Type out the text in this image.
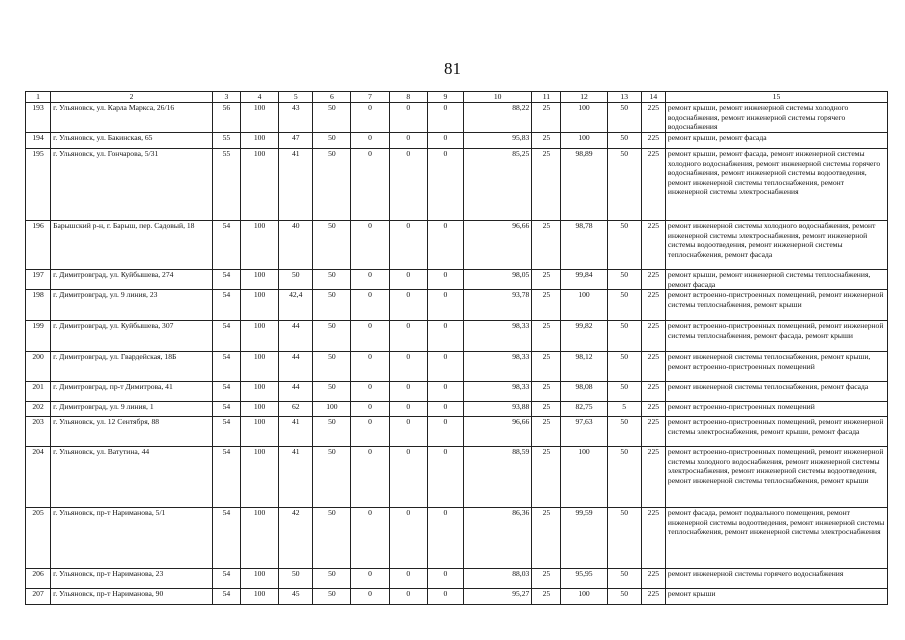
81
1	2	3	4	5	6	7	8	9	10	11	12	13	14	15
193	г. Ульяновск, ул. Карла Маркса, 26/16	56	100	43	50	0	0	0	88,22	25	100	50	225	ремонт крыши, ремонт инженерной системы холодного водоснабжения, ремонт инженерной системы горячего водоснабжения
194	г. Ульяновск, ул. Бакинская, 65	55	100	47	50	0	0	0	95,83	25	100	50	225	ремонт крыши, ремонт фасада
195	г. Ульяновск, ул. Гончарова, 5/31	55	100	41	50	0	0	0	85,25	25	98,89	50	225	ремонт крыши, ремонт фасада, ремонт инженерной системы холодного водоснабжения, ремонт инженерной системы горячего водоснабжения, ремонт инженерной системы водоотведения, ремонт инженерной системы теплоснабжения, ремонт инженерной системы электроснабжения
196	Барышский р-н, г. Барыш, пер. Садовый, 18	54	100	40	50	0	0	0	96,66	25	98,78	50	225	ремонт инженерной системы холодного водоснабжения, ремонт инженерной системы электроснабжения, ремонт инженерной системы водоотведения, ремонт инженерной системы теплоснабжения, ремонт фасада
197	г. Димитровград, ул. Куйбышева, 274	54	100	50	50	0	0	0	98,05	25	99,84	50	225	ремонт крыши, ремонт инженерной системы теплоснабжения, ремонт фасада
198	г. Димитровград, ул. 9 линия, 23	54	100	42,4	50	0	0	0	93,78	25	100	50	225	ремонт встроенно-пристроенных помещений, ремонт инженерной системы теплоснабжения, ремонт крыши
199	г. Димитровград, ул. Куйбышева, 307	54	100	44	50	0	0	0	98,33	25	99,82	50	225	ремонт встроенно-пристроенных помещений, ремонт инженерной системы теплоснабжения, ремонт фасада, ремонт крыши
200	г. Димитровград, ул. Гвардейская, 18Б	54	100	44	50	0	0	0	98,33	25	98,12	50	225	ремонт инженерной системы теплоснабжения, ремонт крыши, ремонт встроенно-пристроенных помещений
201	г. Димитровград, пр-т Димитрова, 41	54	100	44	50	0	0	0	98,33	25	98,08	50	225	ремонт инженерной системы теплоснабжения, ремонт фасада
202	г. Димитровград, ул. 9 линия, 1	54	100	62	100	0	0	0	93,88	25	82,75	5	225	ремонт встроенно-пристроенных помещений
203	г. Ульяновск, ул. 12 Сентября, 88	54	100	41	50	0	0	0	96,66	25	97,63	50	225	ремонт встроенно-пристроенных помещений, ремонт инженерной системы электроснабжения, ремонт крыши, ремонт фасада
204	г. Ульяновск, ул. Ватутина, 44	54	100	41	50	0	0	0	88,59	25	100	50	225	ремонт встроенно-пристроенных помещений, ремонт инженерной системы холодного водоснабжения, ремонт инженерной системы электроснабжения, ремонт инженерной системы водоотведения, ремонт инженерной системы теплоснабжения, ремонт крыши
205	г. Ульяновск, пр-т Нариманова, 5/1	54	100	42	50	0	0	0	86,36	25	99,59	50	225	ремонт фасада, ремонт подвального помещения, ремонт инженерной системы водоотведения, ремонт инженерной системы теплоснабжения, ремонт инженерной системы электроснабжения
206	г. Ульяновск, пр-т Нариманова, 23	54	100	50	50	0	0	0	88,03	25	95,95	50	225	ремонт инженерной системы горячего водоснабжения
207	г. Ульяновск, пр-т Нариманова, 90	54	100	45	50	0	0	0	95,27	25	100	50	225	ремонт крыши
